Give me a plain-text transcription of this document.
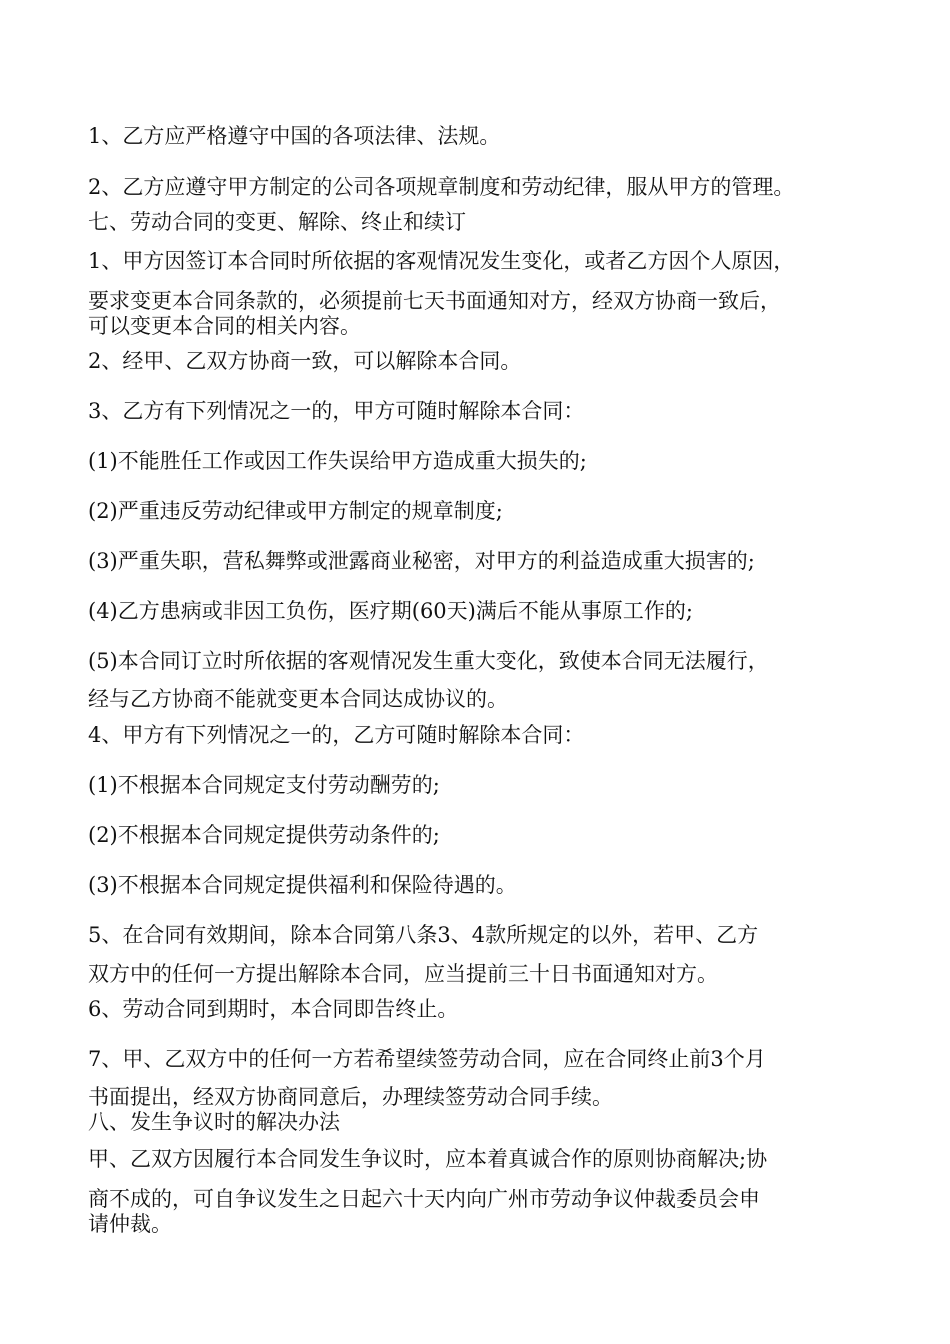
1、乙方应严格遵守中国的各项法律、法规。
2、乙方应遵守甲方制定的公司各项规章制度和劳动纪律，服从甲方的管理。
七、劳动合同的变更、解除、终止和续订
1、甲方因签订本合同时所依据的客观情况发生变化，或者乙方因个人原因，
要求变更本合同条款的，必须提前七天书面通知对方，经双方协商一致后，
可以变更本合同的相关内容。
2、经甲、乙双方协商一致，可以解除本合同。
3、乙方有下列情况之一的，甲方可随时解除本合同：
(1)不能胜任工作或因工作失误给甲方造成重大损失的;
(2)严重违反劳动纪律或甲方制定的规章制度;
(3)严重失职，营私舞弊或泄露商业秘密，对甲方的利益造成重大损害的;
(4)乙方患病或非因工负伤，医疗期(60天)满后不能从事原工作的;
(5)本合同订立时所依据的客观情况发生重大变化，致使本合同无法履行，
经与乙方协商不能就变更本合同达成协议的。
4、甲方有下列情况之一的，乙方可随时解除本合同：
(1)不根据本合同规定支付劳动酬劳的;
(2)不根据本合同规定提供劳动条件的;
(3)不根据本合同规定提供福利和保险待遇的。
5、在合同有效期间，除本合同第八条3、4款所规定的以外，若甲、乙方
双方中的任何一方提出解除本合同，应当提前三十日书面通知对方。
6、劳动合同到期时，本合同即告终止。
7、甲、乙双方中的任何一方若希望续签劳动合同，应在合同终止前3个月
书面提出，经双方协商同意后，办理续签劳动合同手续。
八、发生争议时的解决办法
甲、乙双方因履行本合同发生争议时，应本着真诚合作的原则协商解决;协
商不成的，可自争议发生之日起六十天内向广州市劳动争议仲裁委员会申
请仲裁。
